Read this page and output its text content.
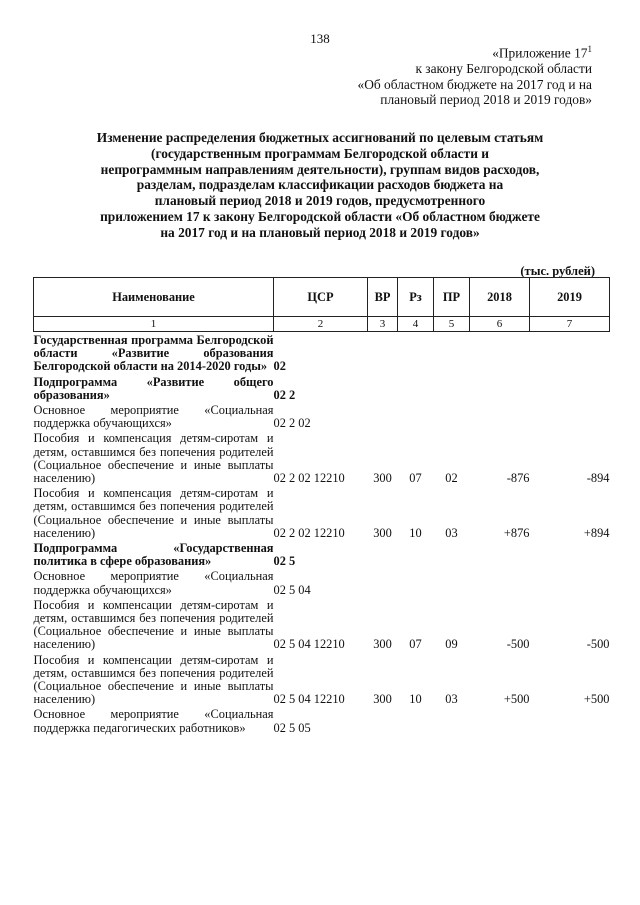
138
«Приложение $17^1$
к закону Белгородской области
«Об областном бюджете на 2017 год и на
плановый период 2018 и 2019 годов»
Изменение распределения бюджетных ассигнований по целевым статьям
(государственным программам Белгородской области и
непрограммным направлениям деятельности), группам видов расходов,
разделам, подразделам классификации расходов бюджета на
плановый период 2018 и 2019 годов, предусмотренного
приложением 17 к закону Белгородской области «Об областном бюджете
на 2017 год и на плановый период 2018 и 2019 годов»
(тыс. рублей)
Наименование	ЦСР	ВР	Рз	ПР	2018	2019
1	2	3	4	5	6	7
Государственная программа Белгородской области «Развитие образования Белгородской области на 2014-2020 годы»	02					
Подпрограмма «Развитие общего образования»	02 2					
Основное мероприятие «Социальная поддержка обучающихся»	02 2 02					
Пособия и компенсация детям-сиротам и детям, оставшимся без попечения родителей (Социальное обеспечение и иные выплаты населению)	02 2 02 12210	300	07	02	-876	-894
Пособия и компенсация детям-сиротам и детям, оставшимся без попечения родителей (Социальное обеспечение и иные выплаты населению)	02 2 02 12210	300	10	03	+876	+894
Подпрограмма «Государственная политика в сфере образования»	02 5					
Основное мероприятие «Социальная поддержка обучающихся»	02 5 04					
Пособия и компенсации детям-сиротам и детям, оставшимся без попечения родителей (Социальное обеспечение и иные выплаты населению)	02 5 04 12210	300	07	09	-500	-500
Пособия и компенсации детям-сиротам и детям, оставшимся без попечения родителей (Социальное обеспечение и иные выплаты населению)	02 5 04 12210	300	10	03	+500	+500
Основное мероприятие «Социальная поддержка педагогических работников»	02 5 05					
